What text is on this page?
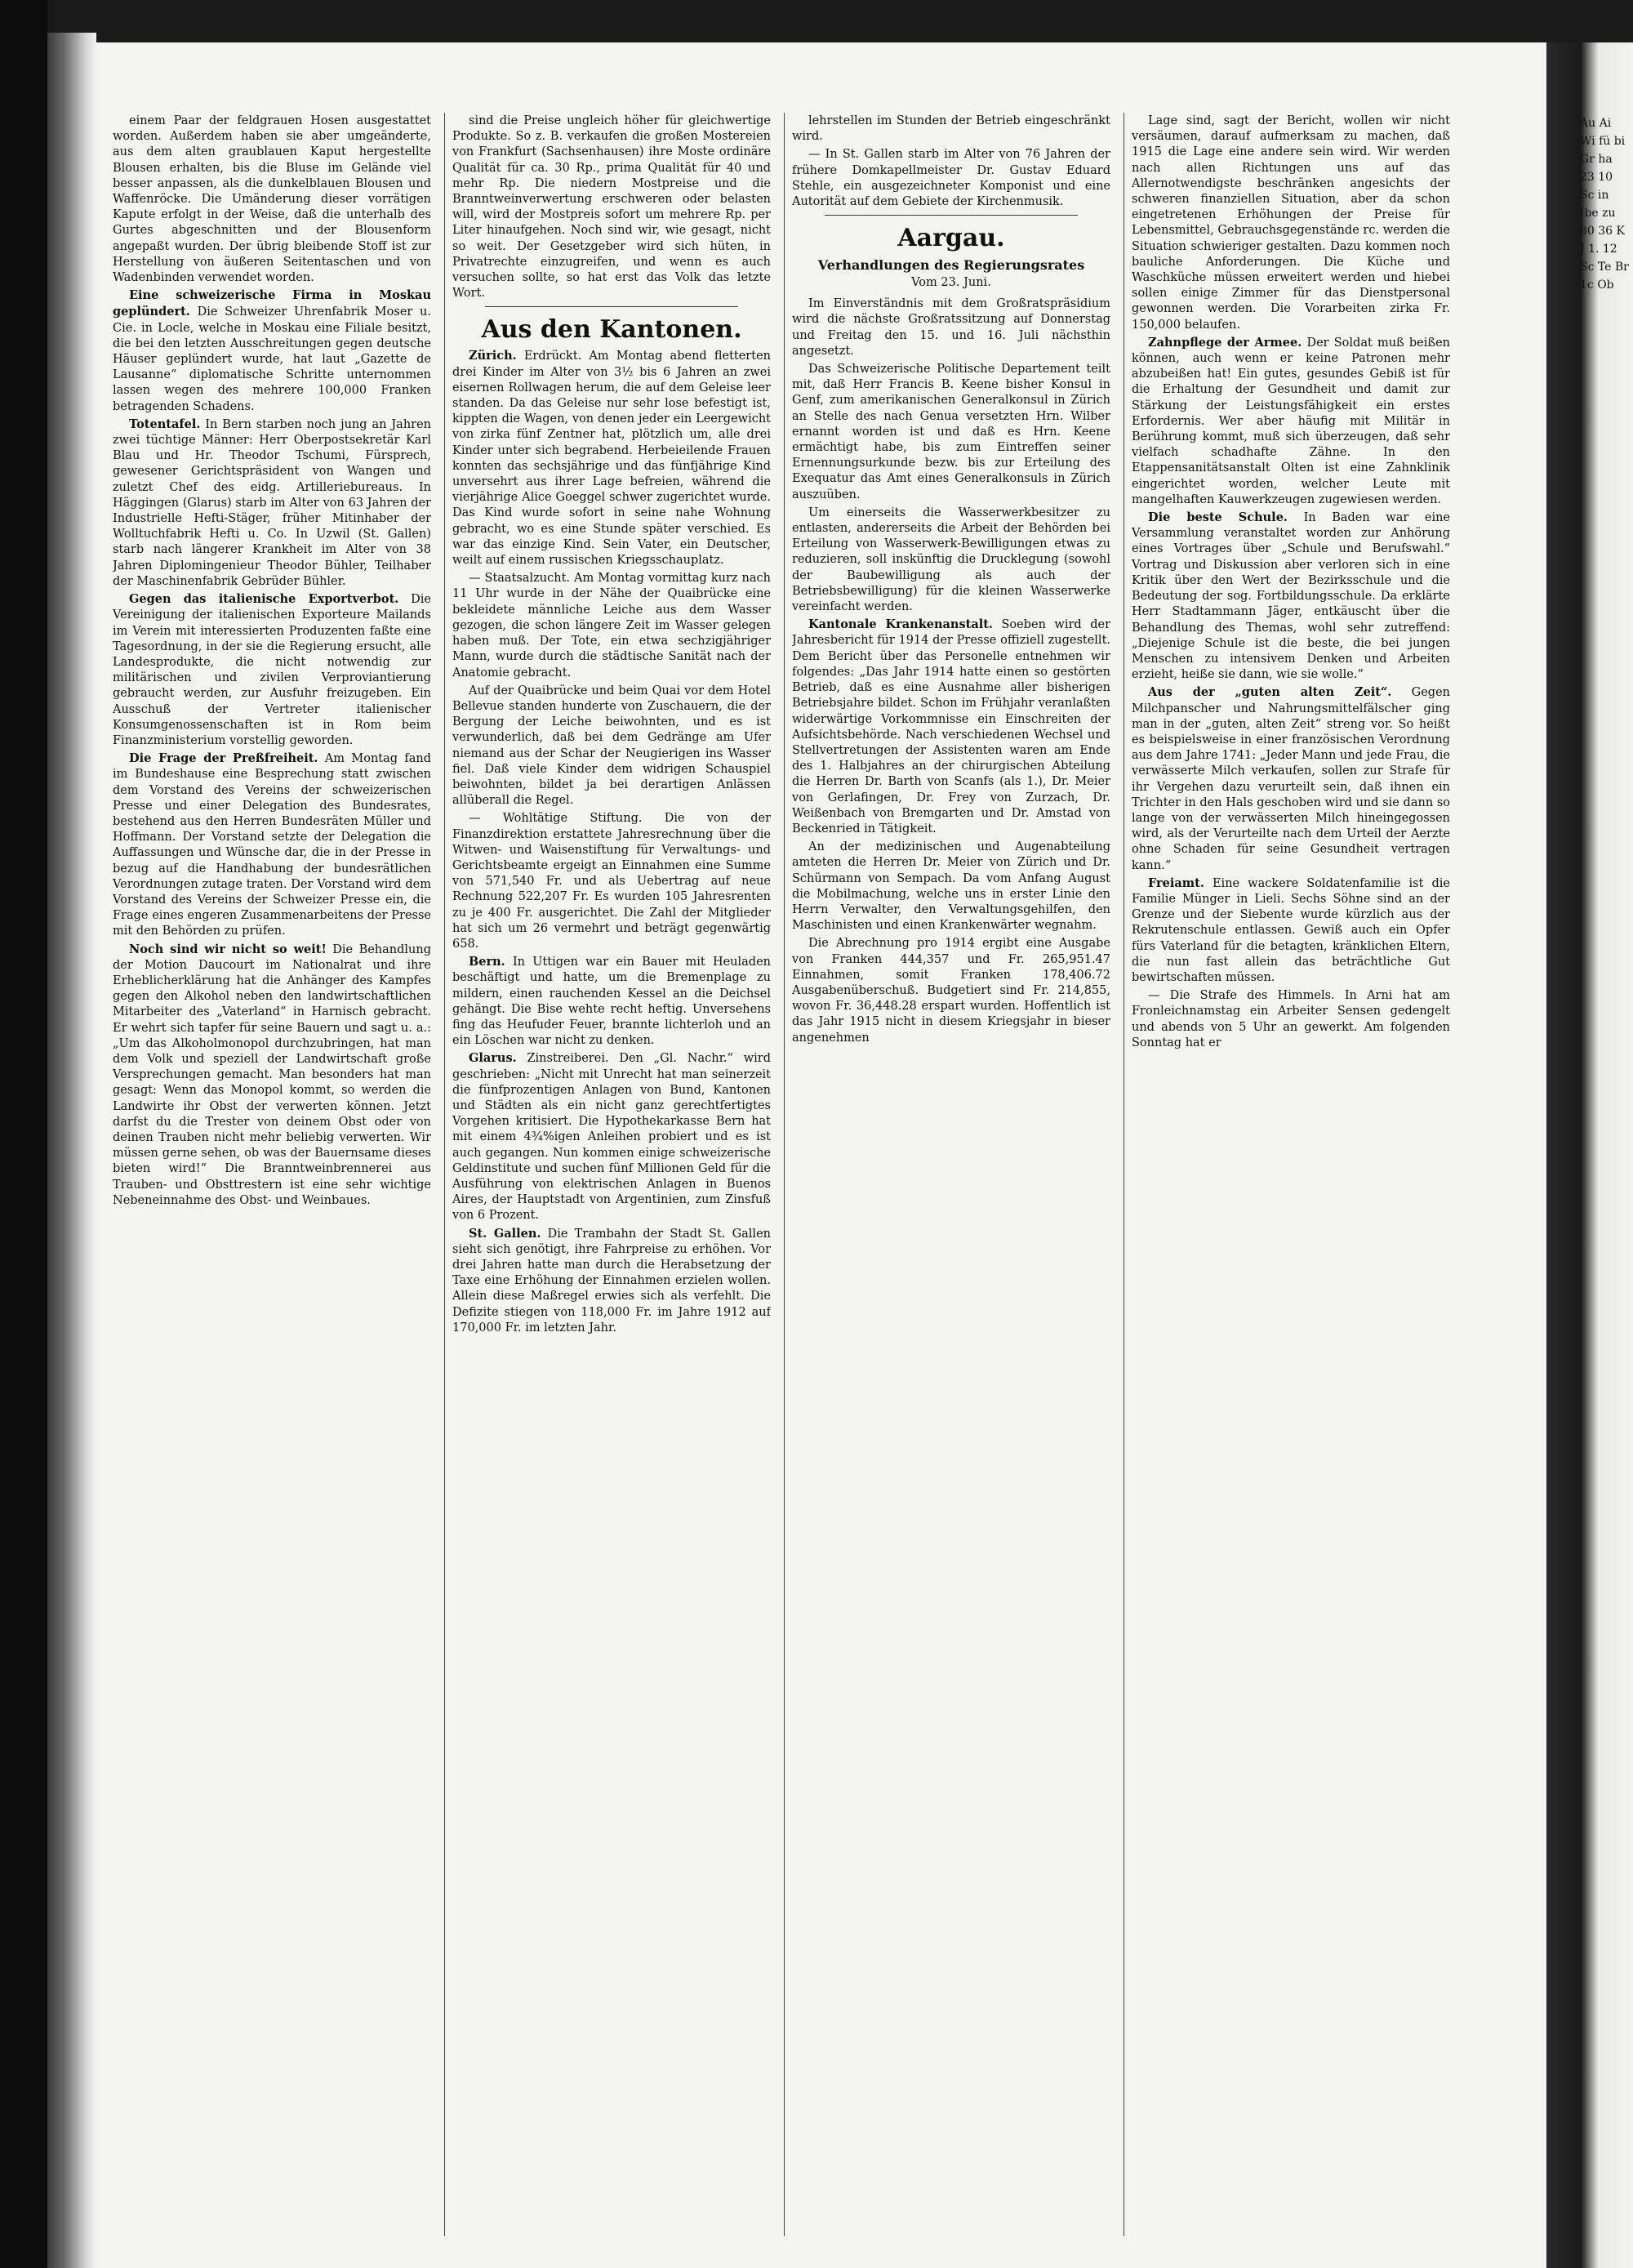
Au Ai Wi fü bi Gr ha 23 10 Sc in (be zu 80 36 K J 1. 12 Sc Te Br 1c Ob

einem Paar der feldgrauen Hosen ausgestattet worden. Außerdem haben sie aber umgeänderte, aus dem alten graublauen Kaput hergestellte Blousen erhalten, bis die Bluse im Gelände viel besser anpassen, als die dunkelblauen Blousen und Waffenröcke. Die Umänderung dieser vorrätigen Kapute erfolgt in der Weise, daß die unterhalb des Gurtes abgeschnitten und der Blousenform angepaßt wurden. Der übrig bleibende Stoff ist zur Herstellung von äußeren Seitentaschen und von Wadenbinden verwendet worden.

Eine schweizerische Firma in Moskau geplündert. Die Schweizer Uhrenfabrik Moser u. Cie. in Locle, welche in Moskau eine Filiale besitzt, die bei den letzten Ausschreitungen gegen deutsche Häuser geplündert wurde, hat laut „Gazette de Lausanne“ diplomatische Schritte unternommen lassen wegen des mehrere 100,000 Franken betragenden Schadens.

Totentafel. In Bern starben noch jung an Jahren zwei tüchtige Männer: Herr Oberpostsekretär Karl Blau und Hr. Theodor Tschumi, Fürsprech, gewesener Gerichtspräsident von Wangen und zuletzt Chef des eidg. Artilleriebureaus. In Häggingen (Glarus) starb im Alter von 63 Jahren der Industrielle Hefti-Stäger, früher Mitinhaber der Wolltuchfabrik Hefti u. Co. In Uzwil (St. Gallen) starb nach längerer Krankheit im Alter von 38 Jahren Diplomingenieur Theodor Bühler, Teilhaber der Maschinenfabrik Gebrüder Bühler.

Gegen das italienische Exportverbot. Die Vereinigung der italienischen Exporteure Mailands im Verein mit interessierten Produzenten faßte eine Tagesordnung, in der sie die Regierung ersucht, alle Landesprodukte, die nicht notwendig zur militärischen und zivilen Verproviantierung gebraucht werden, zur Ausfuhr freizugeben. Ein Ausschuß der Vertreter italienischer Konsumgenossenschaften ist in Rom beim Finanzministerium vorstellig geworden.

Die Frage der Preßfreiheit. Am Montag fand im Bundeshause eine Besprechung statt zwischen dem Vorstand des Vereins der schweizerischen Presse und einer Delegation des Bundesrates, bestehend aus den Herren Bundesräten Müller und Hoffmann. Der Vorstand setzte der Delegation die Auffassungen und Wünsche dar, die in der Presse in bezug auf die Handhabung der bundesrätlichen Verordnungen zutage traten. Der Vorstand wird dem Vorstand des Vereins der Schweizer Presse ein, die Frage eines engeren Zusammenarbeitens der Presse mit den Behörden zu prüfen.

Noch sind wir nicht so weit! Die Behandlung der Motion Daucourt im Nationalrat und ihre Erheblicherklärung hat die Anhänger des Kampfes gegen den Alkohol neben den landwirtschaftlichen Mitarbeiter des „Vaterland“ in Harnisch gebracht. Er wehrt sich tapfer für seine Bauern und sagt u. a.: „Um das Alkoholmonopol durchzubringen, hat man dem Volk und speziell der Landwirtschaft große Versprechungen gemacht. Man besonders hat man gesagt: Wenn das Monopol kommt, so werden die Landwirte ihr Obst der verwerten können. Jetzt darfst du die Trester von deinem Obst oder von deinen Trauben nicht mehr beliebig verwerten. Wir müssen gerne sehen, ob was der Bauernsame dieses bieten wird!“ Die Branntweinbrennerei aus Trauben- und Obsttrestern ist eine sehr wichtige Nebeneinnahme des Obst- und Weinbaues.

sind die Preise ungleich höher für gleichwertige Produkte. So z. B. verkaufen die großen Mostereien von Frankfurt (Sachsenhausen) ihre Moste ordinäre Qualität für ca. 30 Rp., prima Qualität für 40 und mehr Rp. Die niedern Mostpreise und die Branntweinverwertung erschweren oder belasten will, wird der Mostpreis sofort um mehrere Rp. per Liter hinaufgehen. Noch sind wir, wie gesagt, nicht so weit. Der Gesetzgeber wird sich hüten, in Privatrechte einzugreifen, und wenn es auch versuchen sollte, so hat erst das Volk das letzte Wort.

Aus den Kantonen.

Zürich. Erdrückt. Am Montag abend fletterten drei Kinder im Alter von 3½ bis 6 Jahren an zwei eisernen Rollwagen herum, die auf dem Geleise leer standen. Da das Geleise nur sehr lose befestigt ist, kippten die Wagen, von denen jeder ein Leergewicht von zirka fünf Zentner hat, plötzlich um, alle drei Kinder unter sich begrabend. Herbeieilende Frauen konnten das sechsjährige und das fünfjährige Kind unversehrt aus ihrer Lage befreien, während die vierjährige Alice Goeggel schwer zugerichtet wurde. Das Kind wurde sofort in seine nahe Wohnung gebracht, wo es eine Stunde später verschied. Es war das einzige Kind. Sein Vater, ein Deutscher, weilt auf einem russischen Kriegsschauplatz.

— Staatsalzucht. Am Montag vormittag kurz nach 11 Uhr wurde in der Nähe der Quaibrücke eine bekleidete männliche Leiche aus dem Wasser gezogen, die schon längere Zeit im Wasser gelegen haben muß. Der Tote, ein etwa sechzigjähriger Mann, wurde durch die städtische Sanität nach der Anatomie gebracht.

Auf der Quaibrücke und beim Quai vor dem Hotel Bellevue standen hunderte von Zuschauern, die der Bergung der Leiche beiwohnten, und es ist verwunderlich, daß bei dem Gedränge am Ufer niemand aus der Schar der Neugierigen ins Wasser fiel. Daß viele Kinder dem widrigen Schauspiel beiwohnten, bildet ja bei derartigen Anlässen allüberall die Regel.

— Wohltätige Stiftung. Die von der Finanzdirektion erstattete Jahresrechnung über die Witwen- und Waisenstiftung für Verwaltungs- und Gerichtsbeamte ergeigt an Einnahmen eine Summe von 571,540 Fr. und als Uebertrag auf neue Rechnung 522,207 Fr. Es wurden 105 Jahresrenten zu je 400 Fr. ausgerichtet. Die Zahl der Mitglieder hat sich um 26 vermehrt und beträgt gegenwärtig 658.

Bern. In Uttigen war ein Bauer mit Heuladen beschäftigt und hatte, um die Bremenplage zu mildern, einen rauchenden Kessel an die Deichsel gehängt. Die Bise wehte recht heftig. Unversehens fing das Heufuder Feuer, brannte lichterloh und an ein Löschen war nicht zu denken.

Glarus. Zinstreiberei. Den „Gl. Nachr.“ wird geschrieben: „Nicht mit Unrecht hat man seinerzeit die fünfprozentigen Anlagen von Bund, Kantonen und Städten als ein nicht ganz gerechtfertigtes Vorgehen kritisiert. Die Hypothekarkasse Bern hat mit einem 4¾%igen Anleihen probiert und es ist auch gegangen. Nun kommen einige schweizerische Geldinstitute und suchen fünf Millionen Geld für die Ausführung von elektrischen Anlagen in Buenos Aires, der Hauptstadt von Argentinien, zum Zinsfuß von 6 Prozent.

St. Gallen. Die Trambahn der Stadt St. Gallen sieht sich genötigt, ihre Fahrpreise zu erhöhen. Vor drei Jahren hatte man durch die Herabsetzung der Taxe eine Erhöhung der Einnahmen erzielen wollen. Allein diese Maßregel erwies sich als verfehlt. Die Defizite stiegen von 118,000 Fr. im Jahre 1912 auf 170,000 Fr. im letzten Jahr.

lehrstellen im Stunden der Betrieb eingeschränkt wird.

— In St. Gallen starb im Alter von 76 Jahren der frühere Domkapellmeister Dr. Gustav Eduard Stehle, ein ausgezeichneter Komponist und eine Autorität auf dem Gebiete der Kirchenmusik.

Aargau.
Verhandlungen des Regierungsrates
Vom 23. Juni.

Im Einverständnis mit dem Großratspräsidium wird die nächste Großratssitzung auf Donnerstag und Freitag den 15. und 16. Juli nächsthin angesetzt.

Das Schweizerische Politische Departement teilt mit, daß Herr Francis B. Keene bisher Konsul in Genf, zum amerikanischen Generalkonsul in Zürich an Stelle des nach Genua versetzten Hrn. Wilber ernannt worden ist und daß es Hrn. Keene ermächtigt habe, bis zum Eintreffen seiner Ernennungsurkunde bezw. bis zur Erteilung des Exequatur das Amt eines Generalkonsuls in Zürich auszuüben.

Um einerseits die Wasserwerkbesitzer zu entlasten, andererseits die Arbeit der Behörden bei Erteilung von Wasserwerk-Bewilligungen etwas zu reduzieren, soll inskünftig die Drucklegung (sowohl der Baubewilligung als auch der Betriebsbewilligung) für die kleinen Wasserwerke vereinfacht werden.

Kantonale Krankenanstalt. Soeben wird der Jahresbericht für 1914 der Presse offiziell zugestellt. Dem Bericht über das Personelle entnehmen wir folgendes: „Das Jahr 1914 hatte einen so gestörten Betrieb, daß es eine Ausnahme aller bisherigen Betriebsjahre bildet. Schon im Frühjahr veranlaßten widerwärtige Vorkommnisse ein Einschreiten der Aufsichtsbehörde. Nach verschiedenen Wechsel und Stellvertretungen der Assistenten waren am Ende des 1. Halbjahres an der chirurgischen Abteilung die Herren Dr. Barth von Scanfs (als 1.), Dr. Meier von Gerlafingen, Dr. Frey von Zurzach, Dr. Weißenbach von Bremgarten und Dr. Amstad von Beckenried in Tätigkeit.

An der medizinischen und Augenabteilung amteten die Herren Dr. Meier von Zürich und Dr. Schürmann von Sempach. Da vom Anfang August die Mobilmachung, welche uns in erster Linie den Herrn Verwalter, den Verwaltungsgehilfen, den Maschinisten und einen Krankenwärter wegnahm.

Die Abrechnung pro 1914 ergibt eine Ausgabe von Franken 444,357 und Fr. 265,951.47 Einnahmen, somit Franken 178,406.72 Ausgabenüberschuß. Budgetiert sind Fr. 214,855, wovon Fr. 36,448.28 erspart wurden. Hoffentlich ist das Jahr 1915 nicht in diesem Kriegsjahr in bieser angenehmen

Lage sind, sagt der Bericht, wollen wir nicht versäumen, darauf aufmerksam zu machen, daß 1915 die Lage eine andere sein wird. Wir werden nach allen Richtungen uns auf das Allernotwendigste beschränken angesichts der schweren finanziellen Situation, aber da schon eingetretenen Erhöhungen der Preise für Lebensmittel, Gebrauchsgegenstände rc. werden die Situation schwieriger gestalten. Dazu kommen noch bauliche Anforderungen. Die Küche und Waschküche müssen erweitert werden und hiebei sollen einige Zimmer für das Dienstpersonal gewonnen werden. Die Vorarbeiten zirka Fr. 150,000 belaufen.

Zahnpflege der Armee. Der Soldat muß beißen können, auch wenn er keine Patronen mehr abzubeißen hat! Ein gutes, gesundes Gebiß ist für die Erhaltung der Gesundheit und damit zur Stärkung der Leistungsfähigkeit ein erstes Erfordernis. Wer aber häufig mit Militär in Berührung kommt, muß sich überzeugen, daß sehr vielfach schadhafte Zähne. In den Etappensanitätsanstalt Olten ist eine Zahnklinik eingerichtet worden, welcher Leute mit mangelhaften Kauwerkzeugen zugewiesen werden.

Die beste Schule. In Baden war eine Versammlung veranstaltet worden zur Anhörung eines Vortrages über „Schule und Berufswahl.“ Vortrag und Diskussion aber verloren sich in eine Kritik über den Wert der Bezirksschule und die Bedeutung der sog. Fortbildungsschule. Da erklärte Herr Stadtammann Jäger, entkäuscht über die Behandlung des Themas, wohl sehr zutreffend: „Diejenige Schule ist die beste, die bei jungen Menschen zu intensivem Denken und Arbeiten erzieht, heiße sie dann, wie sie wolle.“

Aus der „guten alten Zeit“. Gegen Milchpanscher und Nahrungsmittelfälscher ging man in der „guten, alten Zeit“ streng vor. So heißt es beispielsweise in einer französischen Verordnung aus dem Jahre 1741: „Jeder Mann und jede Frau, die verwässerte Milch verkaufen, sollen zur Strafe für ihr Vergehen dazu verurteilt sein, daß ihnen ein Trichter in den Hals geschoben wird und sie dann so lange von der verwässerten Milch hineingegossen wird, als der Verurteilte nach dem Urteil der Aerzte ohne Schaden für seine Gesundheit vertragen kann.“

Freiamt. Eine wackere Soldatenfamilie ist die Familie Münger in Lieli. Sechs Söhne sind an der Grenze und der Siebente wurde kürzlich aus der Rekrutenschule entlassen. Gewiß auch ein Opfer fürs Vaterland für die betagten, kränklichen Eltern, die nun fast allein das beträchtliche Gut bewirtschaften müssen.

— Die Strafe des Himmels. In Arni hat am Fronleichnamstag ein Arbeiter Sensen gedengelt und abends von 5 Uhr an gewerkt. Am folgenden Sonntag hat er
